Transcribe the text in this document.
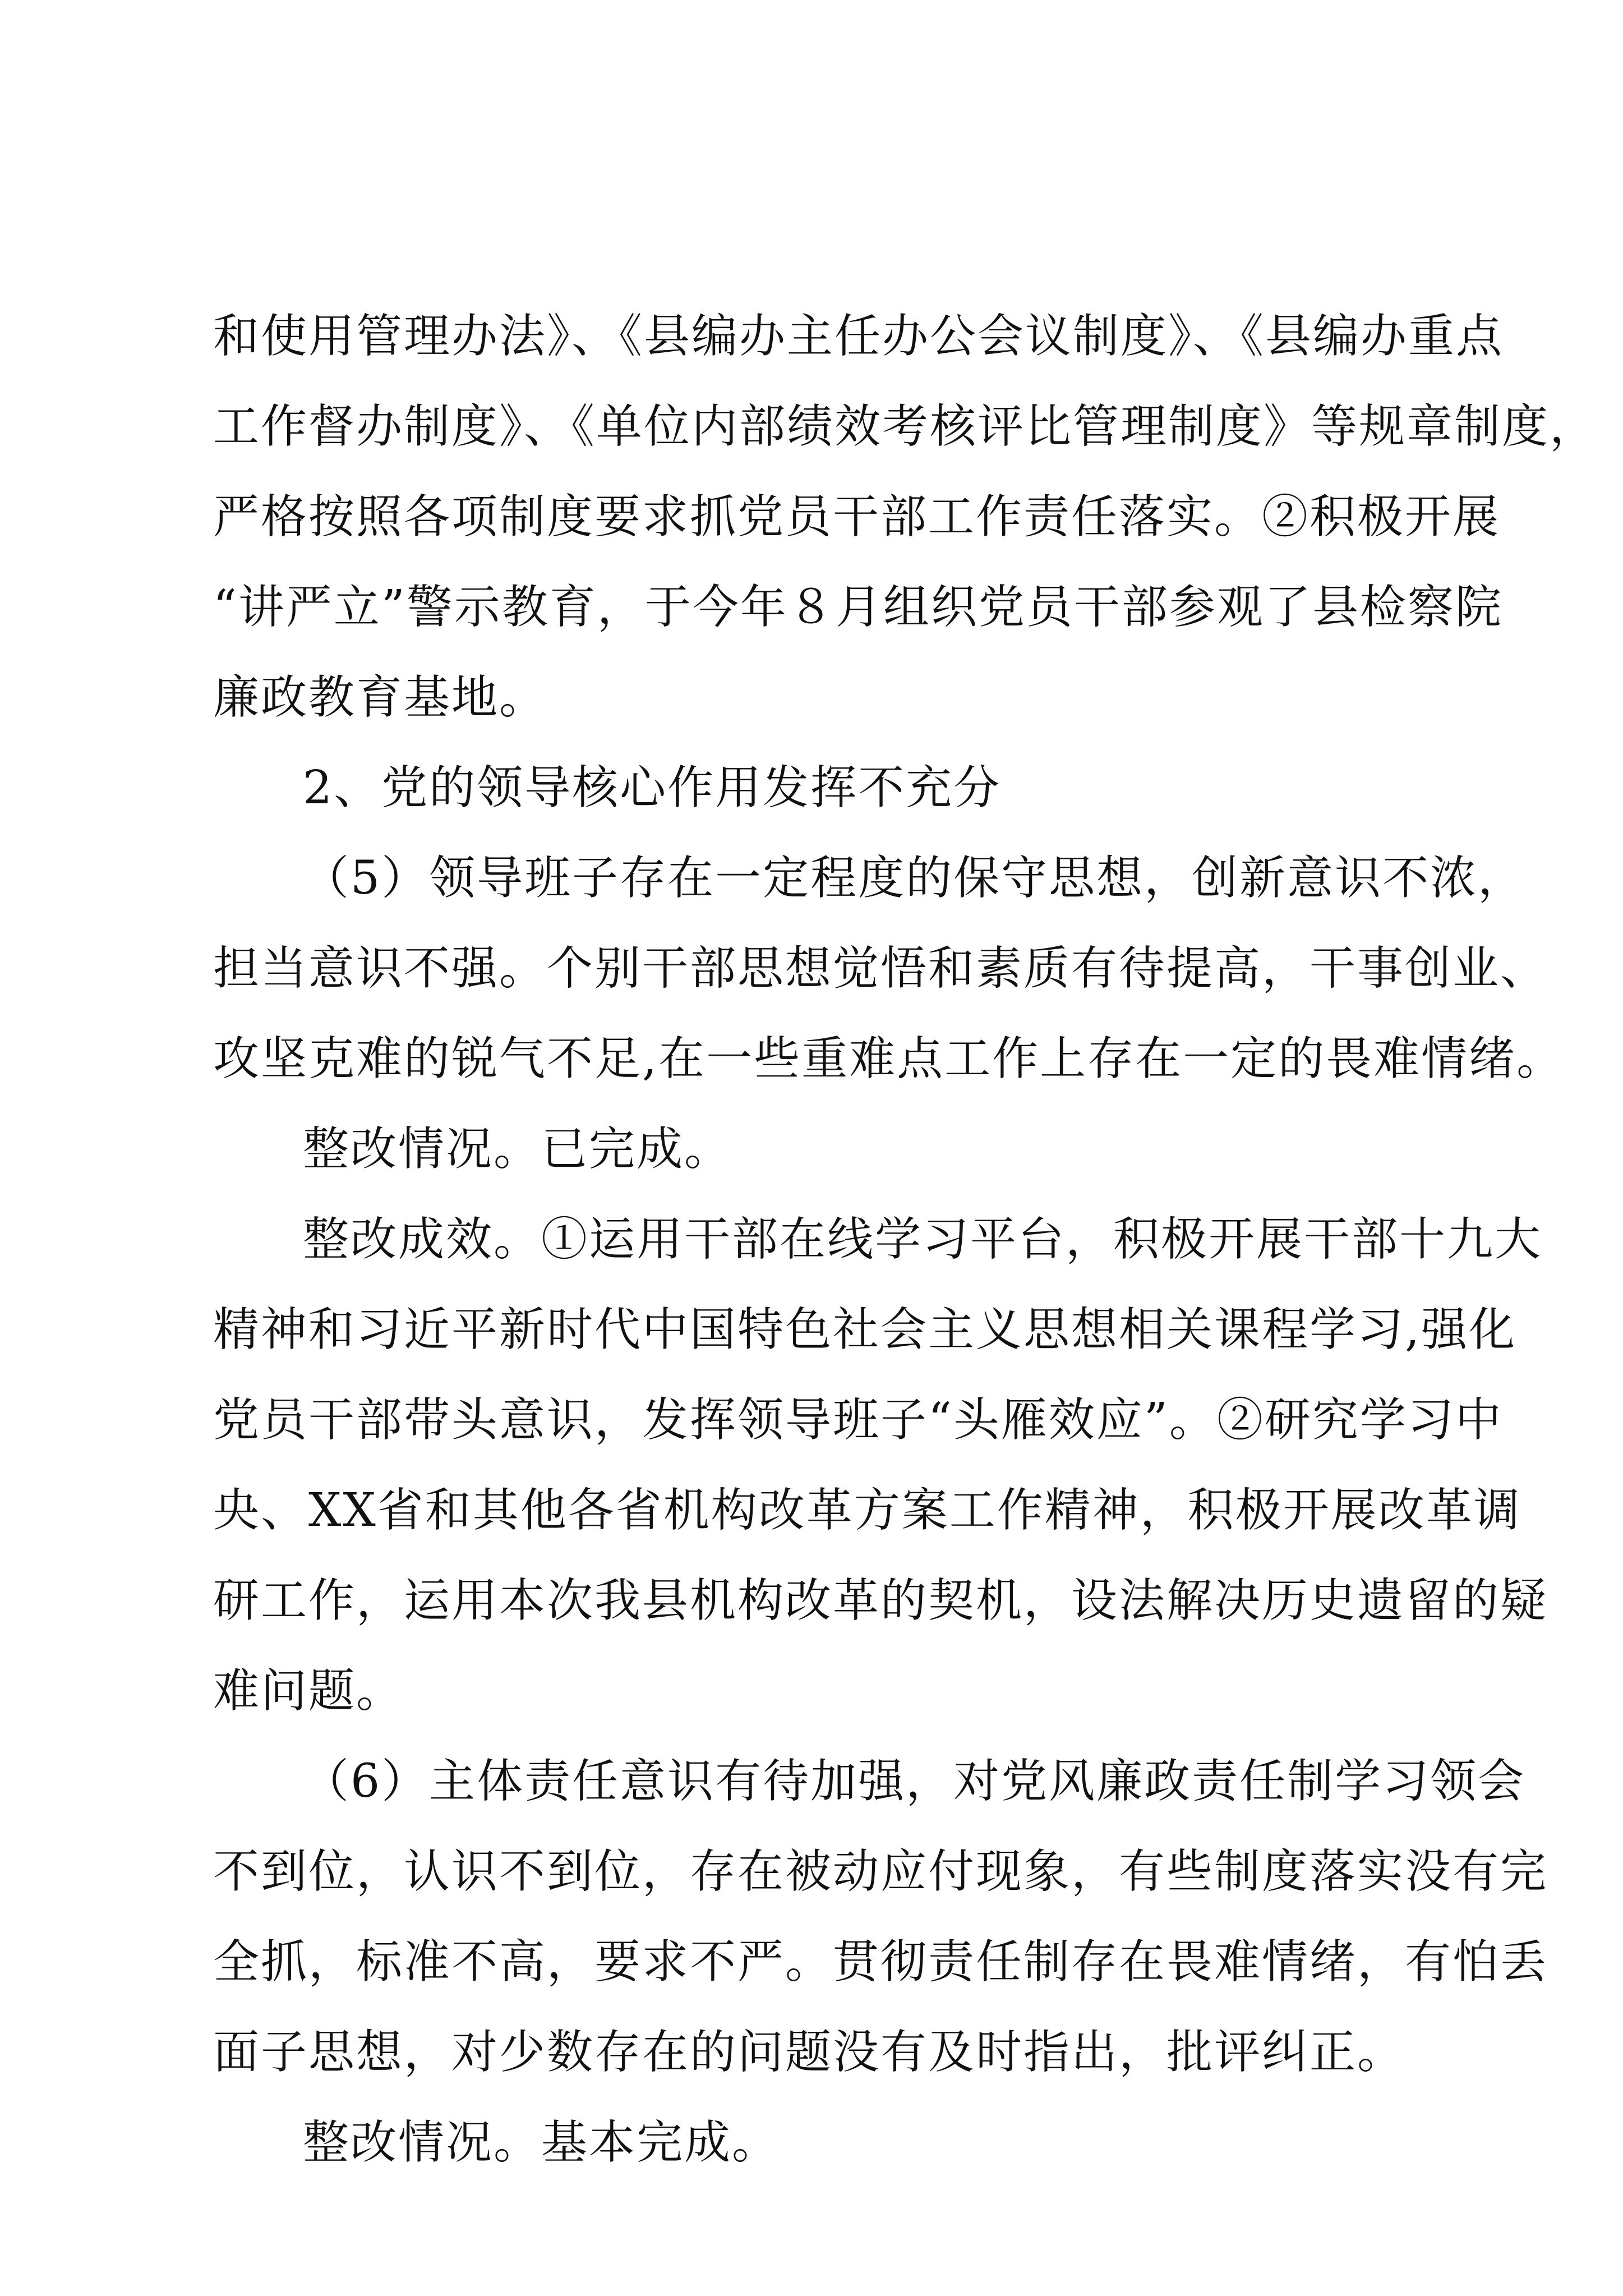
和使用管理办法》、《县编办主任办公会议制度》、《县编办重点
工作督办制度》、《单位内部绩效考核评比管理制度》等规章制度，
严格按照各项制度要求抓党员干部工作责任落实。②积极开展
“讲严立”警示教育，于今年８月组织党员干部参观了县检察院
廉政教育基地。
2、党的领导核心作用发挥不充分
（5）领导班子存在一定程度的保守思想，创新意识不浓，
担当意识不强。个别干部思想觉悟和素质有待提高，干事创业、
攻坚克难的锐气不足,在一些重难点工作上存在一定的畏难情绪。
整改情况。已完成。
整改成效。①运用干部在线学习平台，积极开展干部十九大
精神和习近平新时代中国特色社会主义思想相关课程学习,强化
党员干部带头意识，发挥领导班子“头雁效应”。②研究学习中
央、XX省和其他各省机构改革方案工作精神，积极开展改革调
研工作，运用本次我县机构改革的契机，设法解决历史遗留的疑
难问题。
（6）主体责任意识有待加强，对党风廉政责任制学习领会
不到位，认识不到位，存在被动应付现象，有些制度落实没有完
全抓，标准不高，要求不严。贯彻责任制存在畏难情绪，有怕丢
面子思想，对少数存在的问题没有及时指出，批评纠正。
整改情况。基本完成。
